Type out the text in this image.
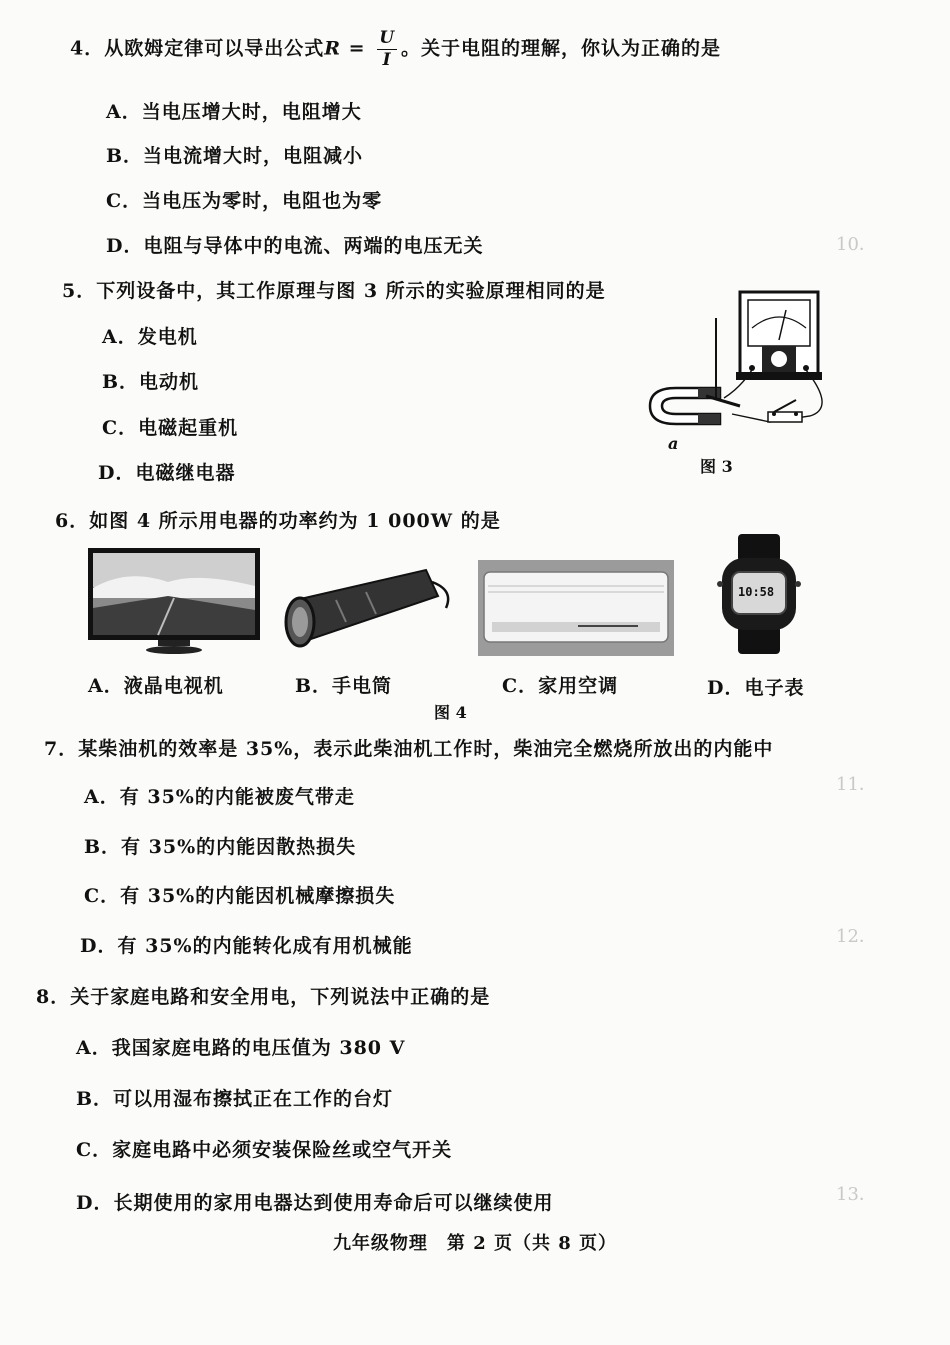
10．
11．
12．
13．
4．从欧姆定律可以导出公式$R = \frac{U}{I}$ 。关于电阻的理解，你认为正确的是
A．当电压增大时，电阻增大
B．当电流增大时，电阻减小
C．当电压为零时，电阻也为零
D．电阻与导体中的电流、两端的电压无关
5．下列设备中，其工作原理与图 3 所示的实验原理相同的是
A．发电机
B．电动机
C．电磁起重机
D．电磁继电器
a
图 3
6．如图 4 所示用电器的功率约为 1 000W 的是
10:58
A．液晶电视机	B．手电筒	C．家用空调	D．电子表
图 4
7．某柴油机的效率是 35%，表示此柴油机工作时，柴油完全燃烧所放出的内能中
A．有 35%的内能被废气带走
B．有 35%的内能因散热损失
C．有 35%的内能因机械摩擦损失
D．有 35%的内能转化成有用机械能
8．关于家庭电路和安全用电，下列说法中正确的是
A．我国家庭电路的电压值为 380 V
B．可以用湿布擦拭正在工作的台灯
C．家庭电路中必须安装保险丝或空气开关
D．长期使用的家用电器达到使用寿命后可以继续使用
九年级物理　第 2 页（共 8 页）
